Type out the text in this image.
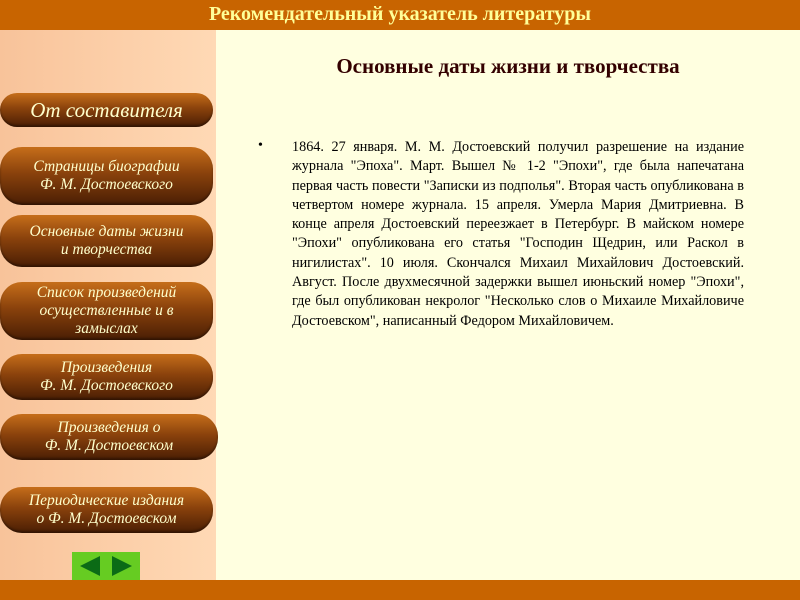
Рекомендательный указатель литературы
Основные даты жизни и творчества
• 1864. 27 января. М. М. Достоевский получил разрешение на издание журнала "Эпоха". Март. Вышел № 1-2 "Эпохи", где была напечатана первая часть повести "Записки из подполья". Вторая часть опубликована в четвертом номере журнала. 15 апреля. Умерла Мария Дмитриевна. В конце апреля Достоевский переезжает в Петербург. В майском номере "Эпохи" опубликована его статья "Господин Щедрин, или Раскол в нигилистах". 10 июля. Скончался Михаил Михайлович Достоевский. Август. После двухмесячной задержки вышел июньский номер "Эпохи", где был опубликован некролог "Несколько слов о Михаиле Михайловиче Достоевском", написанный Федором Михайловичем.
От составителя
Страницы биографии
Ф. М. Достоевского
Основные даты жизни
и творчества
Список произведений
осуществленные и в
замыслах
Произведения
Ф. М. Достоевского
Произведения о
Ф. М. Достоевском
Периодические издания
о Ф. М. Достоевском
